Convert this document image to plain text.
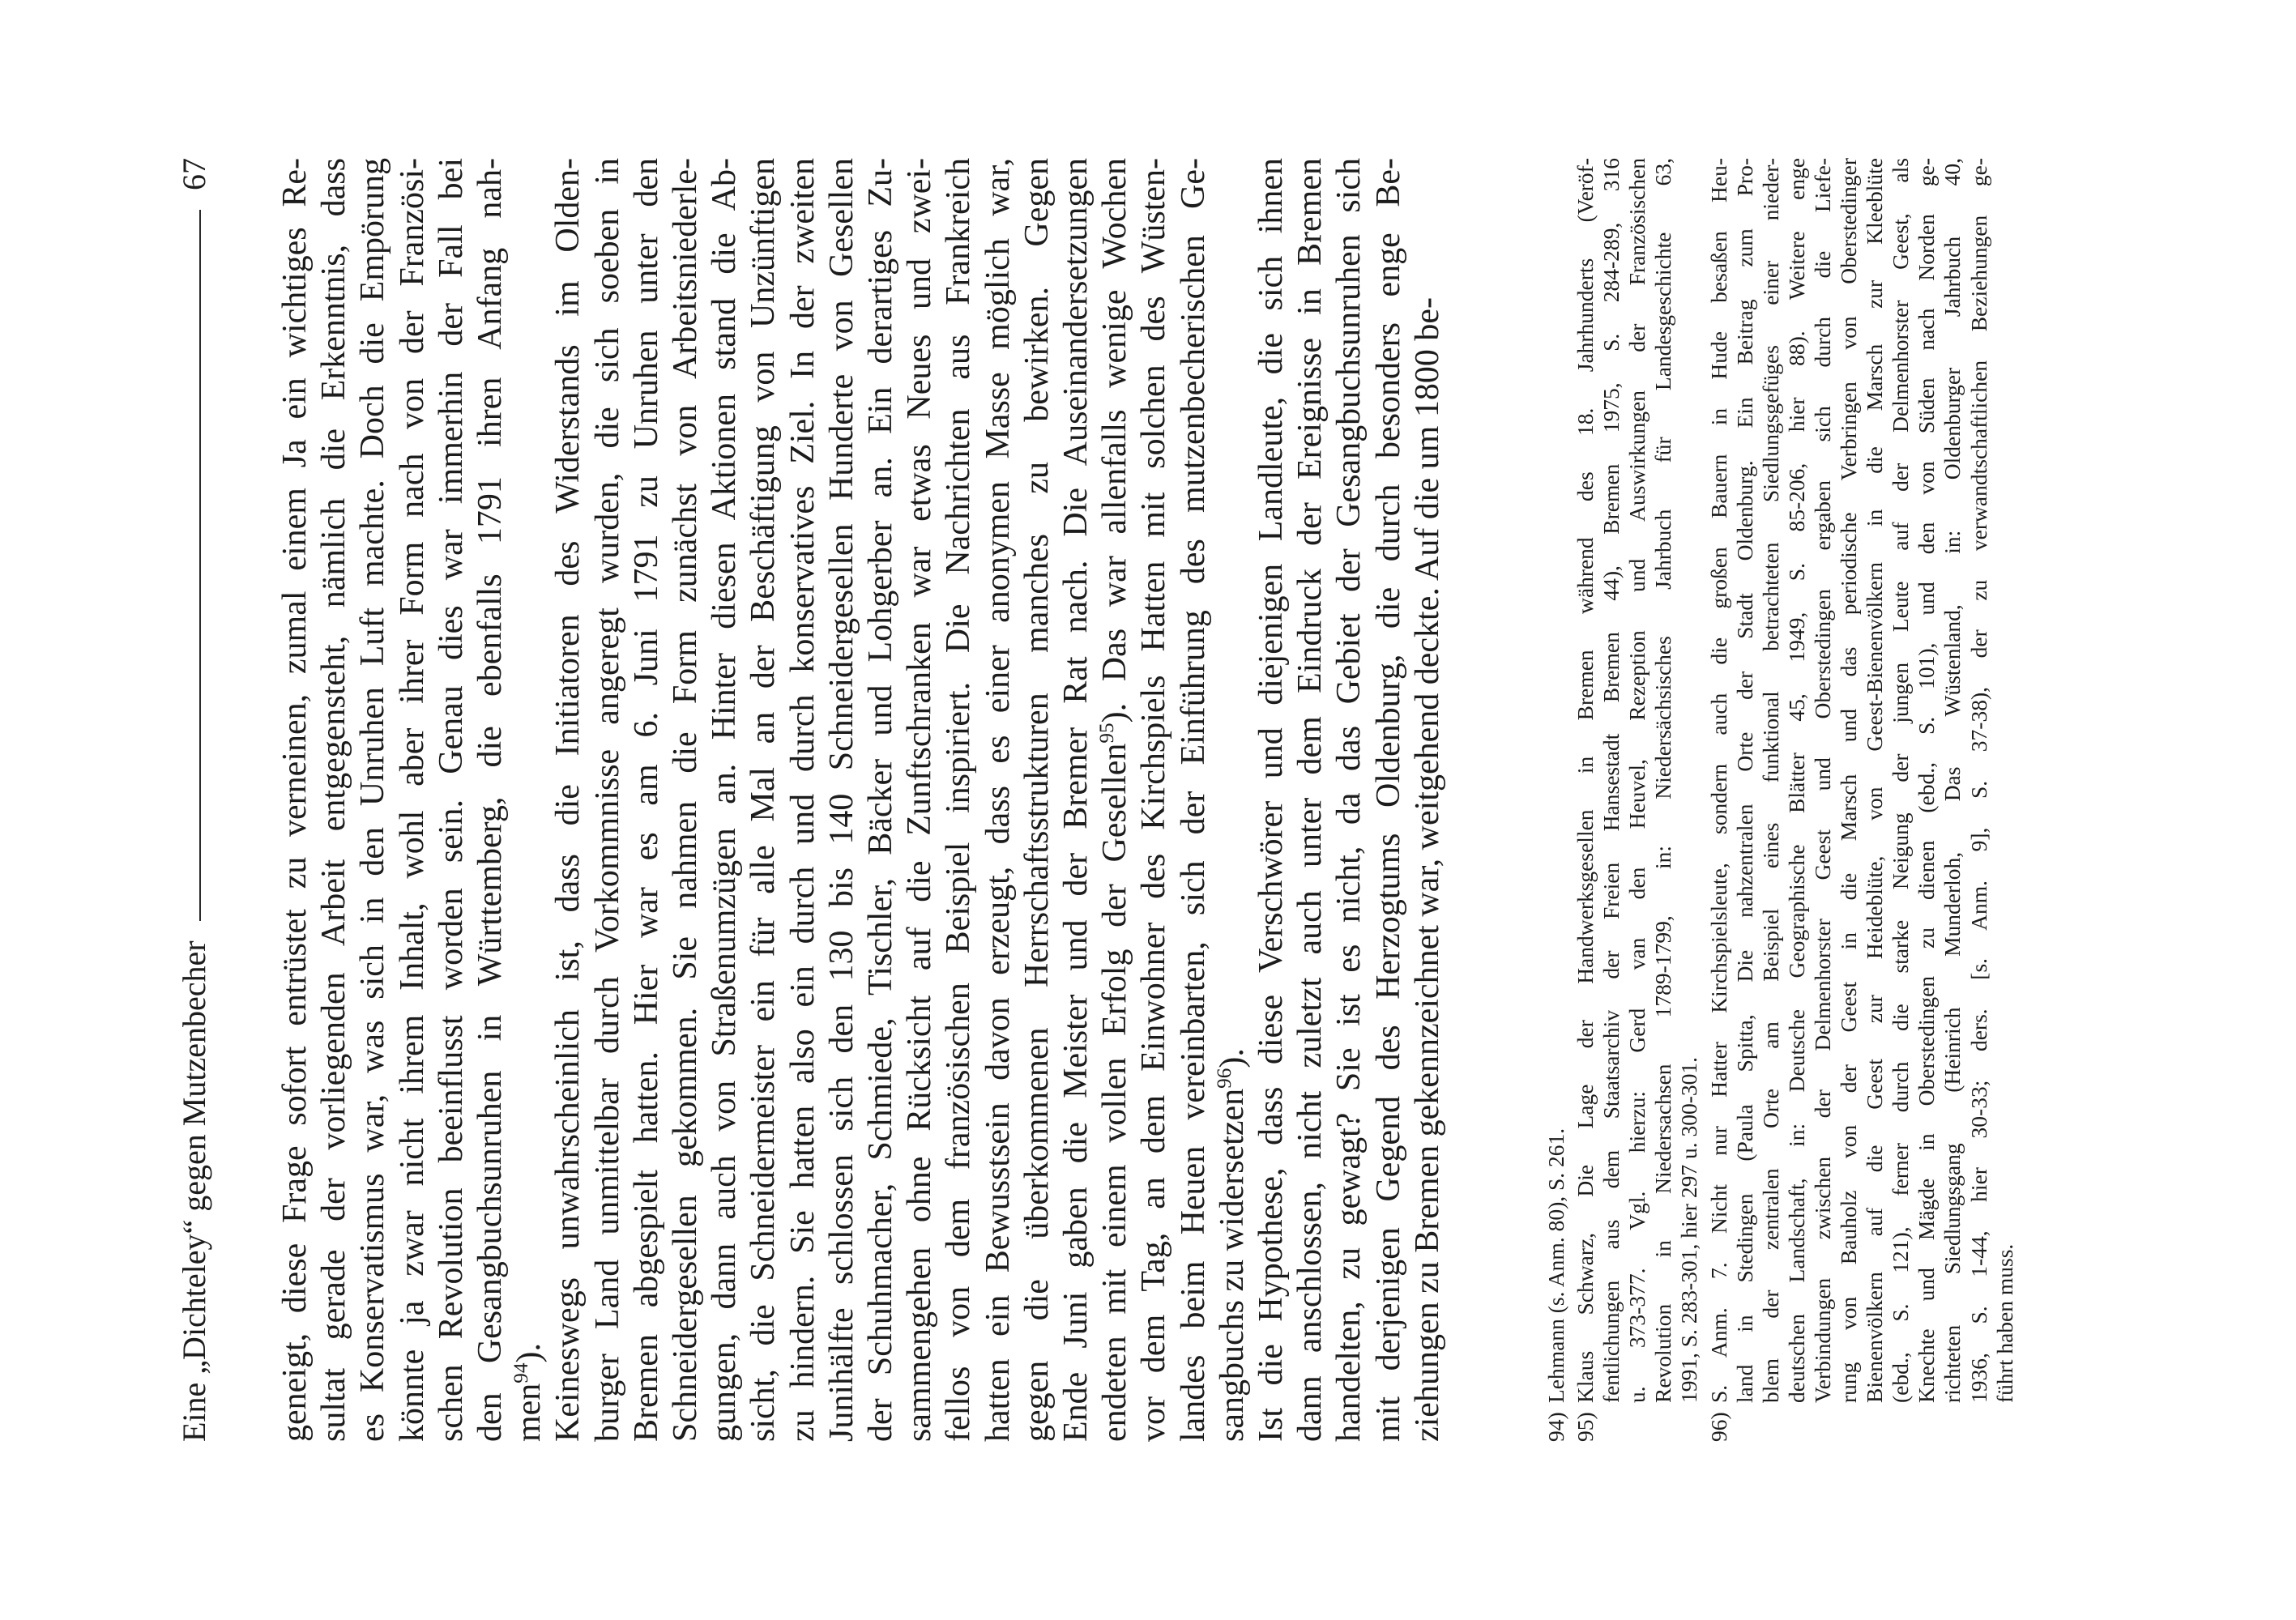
Eine „Dichteley“ gegen Mutzenbecher
67 geneigt, diese Frage sofort entrüstet zu verneinen, zumal einem Ja ein wichtiges Re- sultat gerade der vorliegenden Arbeit entgegensteht, nämlich die Erkenntnis, dass es Konservatismus war, was sich in den Unruhen Luft machte. Doch die Empörung könnte ja zwar nicht ihrem Inhalt, wohl aber ihrer Form nach von der Französi- schen Revolution beeinflusst worden sein. Genau dies war immerhin der Fall bei den Gesangbuchsunruhen in Württemberg, die ebenfalls 1791 ihren Anfang nah- men$^{94}$). Keineswegs unwahrscheinlich ist, dass die Initiatoren des Widerstands im Olden- burger Land unmittelbar durch Vorkommnisse angeregt wurden, die sich soeben in Bremen abgespielt hatten. Hier war es am 6. Juni 1791 zu Unruhen unter den Schneidergesellen gekommen. Sie nahmen die Form zunächst von Arbeitsniederle- gungen, dann auch von Straßenumzügen an. Hinter diesen Aktionen stand die Ab- sicht, die Schneidermeister ein für alle Mal an der Beschäftigung von Unzünftigen zu hindern. Sie hatten also ein durch und durch konservatives Ziel. In der zweiten Junihälfte schlossen sich den 130 bis 140 Schneidergesellen Hunderte von Gesellen der Schuhmacher, Schmiede, Tischler, Bäcker und Lohgerber an. Ein derartiges Zu- sammengehen ohne Rücksicht auf die Zunftschranken war etwas Neues und zwei- fellos von dem französischen Beispiel inspiriert. Die Nachrichten aus Frankreich hatten ein Bewusstsein davon erzeugt, dass es einer anonymen Masse möglich war, gegen die überkommenen Herrschaftsstrukturen manches zu bewirken. Gegen Ende Juni gaben die Meister und der Bremer Rat nach. Die Auseinandersetzungen endeten mit einem vollen Erfolg der Gesellen$^{95}$). Das war allenfalls wenige Wochen vor dem Tag, an dem Einwohner des Kirchspiels Hatten mit solchen des Wüsten- landes beim Heuen vereinbarten, sich der Einführung des mutzenbecherischen Ge- sangbuchs zu widersetzen$^{96}$). Ist die Hypothese, dass diese Verschwörer und diejenigen Landleute, die sich ihnen dann anschlossen, nicht zuletzt auch unter dem Eindruck der Ereignisse in Bremen handelten, zu gewagt? Sie ist es nicht, da das Gebiet der Gesangbuchsunruhen sich mit derjenigen Gegend des Herzogtums Oldenburg, die durch besonders enge Be- ziehungen zu Bremen gekennzeichnet war, weitgehend deckte. Auf die um 1800 be-	94)
Lehmann (s. Anm. 80), S. 261.
95)
Klaus Schwarz, Die Lage der Handwerksgesellen in Bremen während des 18. Jahrhunderts (Veröf- fentlichungen aus dem Staatsarchiv der Freien Hansestadt Bremen 44), Bremen 1975, S. 284-289, 316 u. 373-377. Vgl. hierzu: Gerd van den Heuvel, Rezeption und Auswirkungen der Französischen Revolution in Niedersachsen 1789-1799, in: Niedersächsisches Jahrbuch für Landesgeschichte 63, 1991, S. 283-301, hier 297 u. 300-301.
96)
S. Anm. 7. Nicht nur Hatter Kirchspielsleute, sondern auch die großen Bauern in Hude besaßen Heu- land in Stedingen (Paula Spitta, Die nahzentralen Orte der Stadt Oldenburg. Ein Beitrag zum Pro- blem der zentralen Orte am Beispiel eines funktional betrachteten Siedlungsgefüges einer nieder- deutschen Landschaft, in: Deutsche Geographische Blätter 45, 1949, S. 85-206, hier 88). Weitere enge Verbindungen zwischen der Delmenhorster Geest und Oberstedingen ergaben sich durch die Liefe- rung von Bauholz von der Geest in die Marsch und das periodische Verbringen von Oberstedinger Bienenvölkern auf die Geest zur Heideblüte, von Geest-Bienenvölkern in die Marsch zur Kleeblüte (ebd., S. 121), ferner durch die starke Neigung der jungen Leute auf der Delmenhorster Geest, als Knechte und Mägde in Oberstedingen zu dienen (ebd., S. 101), und den von Süden nach Norden ge- richteten Siedlungsgang (Heinrich Munderloh, Das Wüstenland, in: Oldenburger Jahrbuch 40, 1936, S. 1-44, hier 30-33; ders. [s. Anm. 9], S. 37-38), der zu verwandtschaftlichen Beziehungen ge- führt haben muss.
